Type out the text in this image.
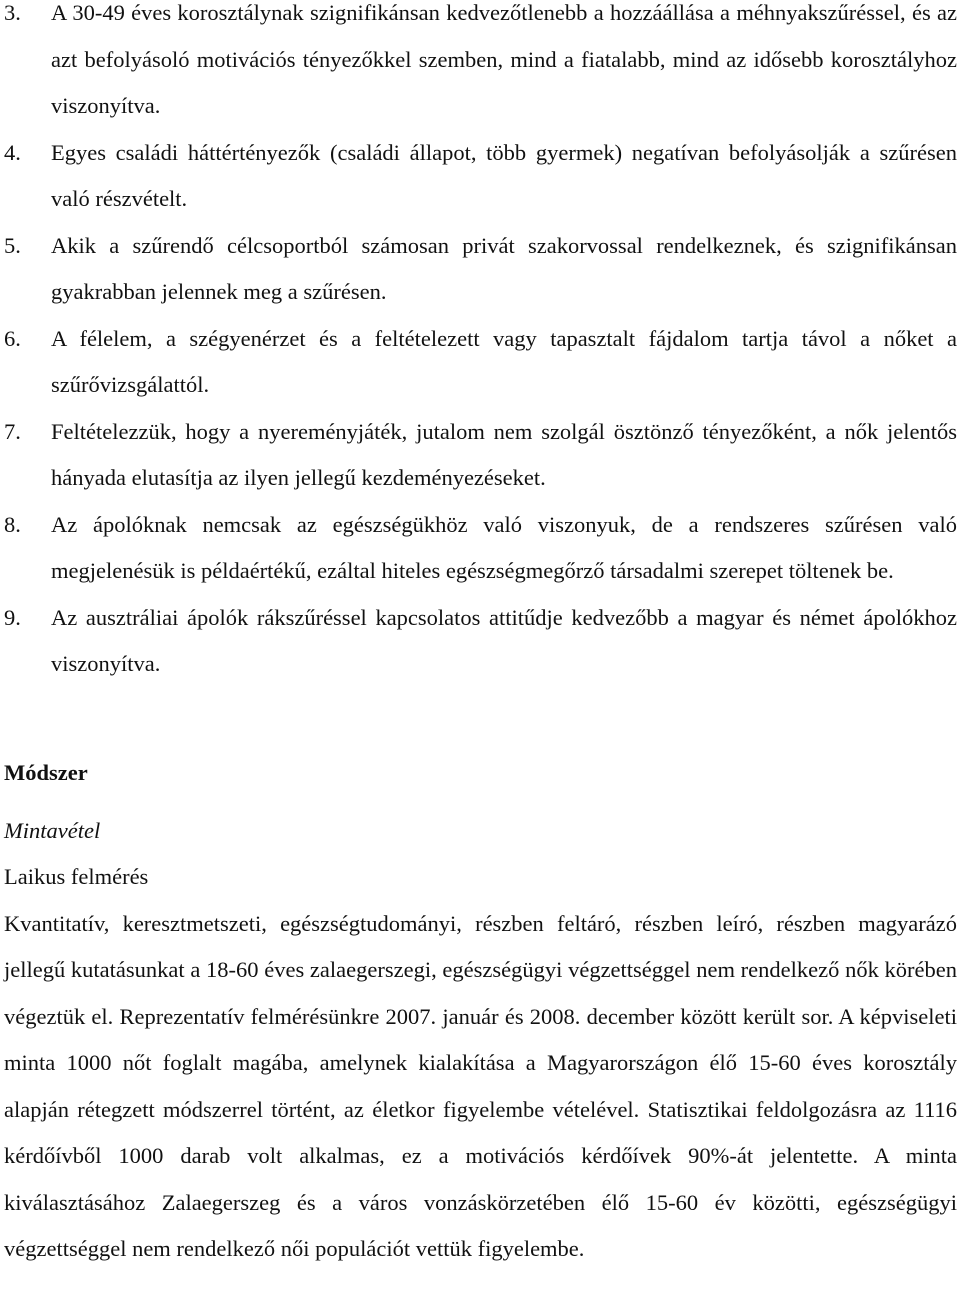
3. A 30-49 éves korosztálynak szignifikánsan kedvezőtlenebb a hozzáállása a méhnyakszűréssel, és az azt befolyásoló motivációs tényezőkkel szemben, mind a fiatalabb, mind az idősebb korosztályhoz viszonyítva.
4. Egyes családi háttértényezők (családi állapot, több gyermek) negatívan befolyásolják a szűrésen való részvételt.
5. Akik a szűrendő célcsoportból számosan privát szakorvossal rendelkeznek, és szignifikánsan gyakrabban jelennek meg a szűrésen.
6. A félelem, a szégyenérzet és a feltételezett vagy tapasztalt fájdalom tartja távol a nőket a szűrővizsgálattól.
7. Feltételezzük, hogy a nyereményjáték, jutalom nem szolgál ösztönző tényezőként, a nők jelentős hányada elutasítja az ilyen jellegű kezdeményezéseket.
8. Az ápolóknak nemcsak az egészségükhöz való viszonyuk, de a rendszeres szűrésen való megjelenésük is példaértékű, ezáltal hiteles egészségmegőrző társadalmi szerepet töltenek be.
9. Az ausztráliai ápolók rákszűréssel kapcsolatos attitűdje kedvezőbb a magyar és német ápolókhoz viszonyítva.

Módszer

Mintavétel

Laikus felmérés

Kvantitatív, keresztmetszeti, egészségtudományi, részben feltáró, részben leíró, részben magyarázó jellegű kutatásunkat a 18-60 éves zalaegerszegi, egészségügyi végzettséggel nem rendelkező nők körében végeztük el. Reprezentatív felmérésünkre 2007. január és 2008. december között került sor. A képviseleti minta 1000 nőt foglalt magába, amelynek kialakítása a Magyarországon élő 15-60 éves korosztály alapján rétegzett módszerrel történt, az életkor figyelembe vételével. Statisztikai feldolgozásra az 1116 kérdőívből 1000 darab volt alkalmas, ez a motivációs kérdőívek 90%-át jelentette. A minta kiválasztásához Zalaegerszeg és a város vonzáskörzetében élő 15-60 év közötti, egészségügyi végzettséggel nem rendelkező női populációt vettük figyelembe.
